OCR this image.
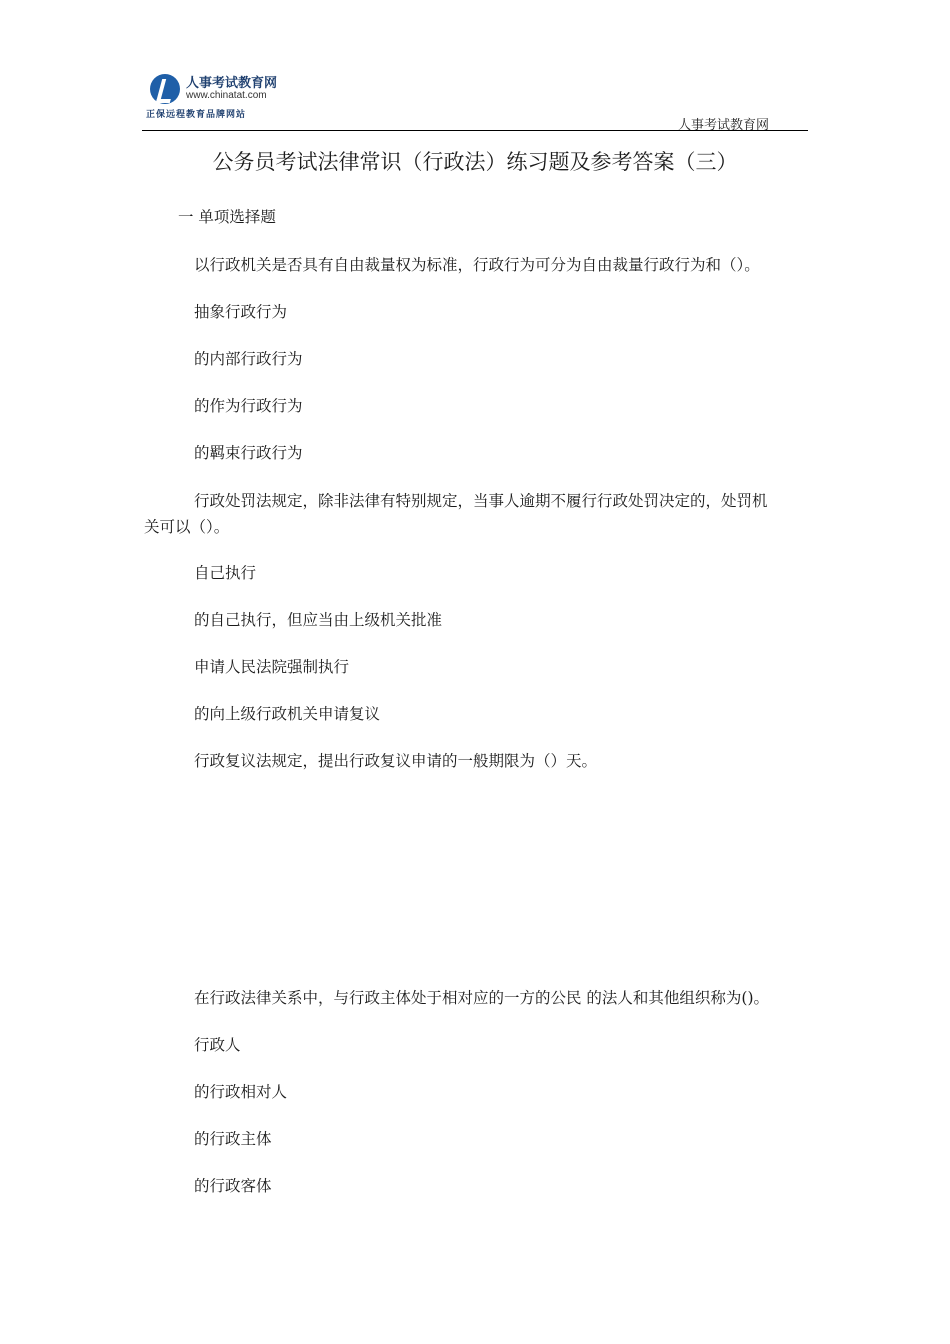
人事考试教育网
www.chinatat.com
正保远程教育品牌网站
人事考试教育网
公务员考试法律常识（行政法）练习题及参考答案（三）
一 单项选择题
以行政机关是否具有自由裁量权为标准，行政行为可分为自由裁量行政行为和（）。
抽象行政行为
的内部行政行为
的作为行政行为
的羁束行政行为
行政处罚法规定，除非法律有特别规定，当事人逾期不履行行政处罚决定的，处罚机
关可以（）。
自己执行
的自己执行，但应当由上级机关批准
申请人民法院强制执行
的向上级行政机关申请复议
行政复议法规定，提出行政复议申请的一般期限为（）天。
在行政法律关系中，与行政主体处于相对应的一方的公民 的法人和其他组织称为()。
行政人
的行政相对人
的行政主体
的行政客体
